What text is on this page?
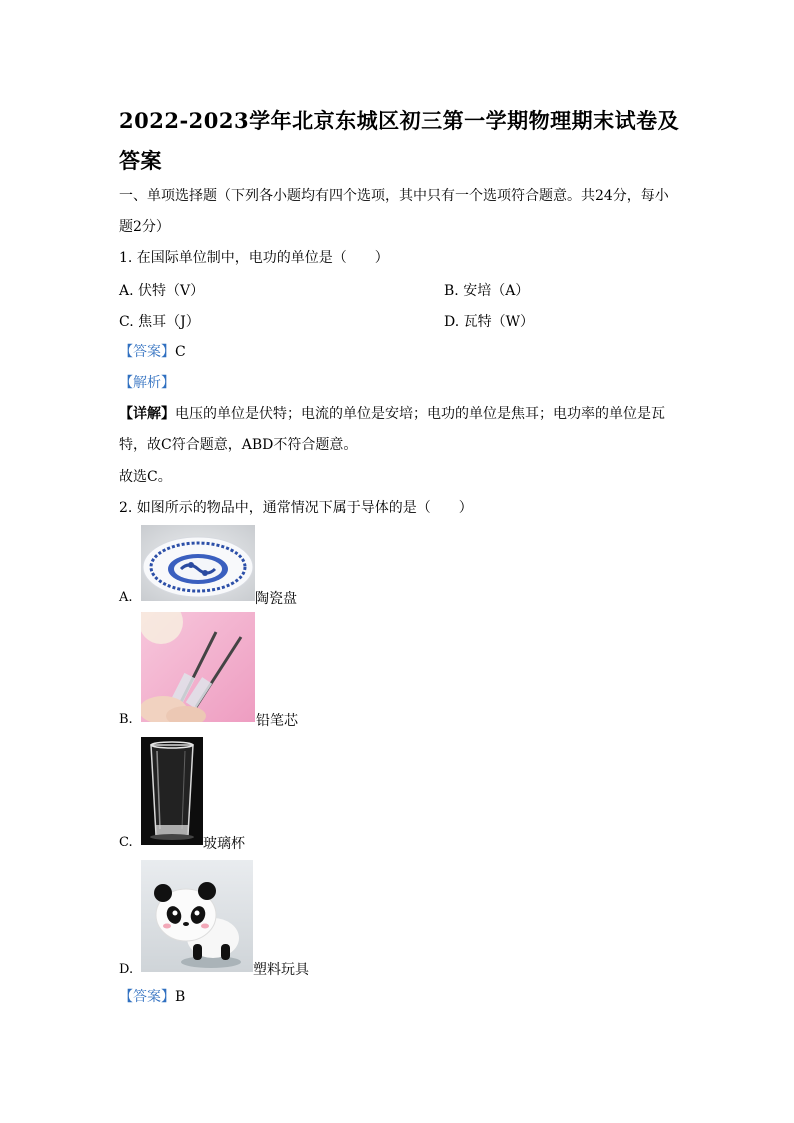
2022-2023学年北京东城区初三第一学期物理期末试卷及答案
一、单项选择题（下列各小题均有四个选项，其中只有一个选项符合题意。共24分，每小题2分）
1. 在国际单位制中，电功的单位是（　　）
A. 伏特（V）	B. 安培（A）
C. 焦耳（J）	D. 瓦特（W）
【答案】C
【解析】
【详解】电压的单位是伏特；电流的单位是安培；电功的单位是焦耳；电功率的单位是瓦特，故C符合题意，ABD不符合题意。
故选C。
2. 如图所示的物品中，通常情况下属于导体的是（　　）
A.	陶瓷盘
B.	铅笔芯
C.	玻璃杯
D.	塑料玩具
【答案】B
